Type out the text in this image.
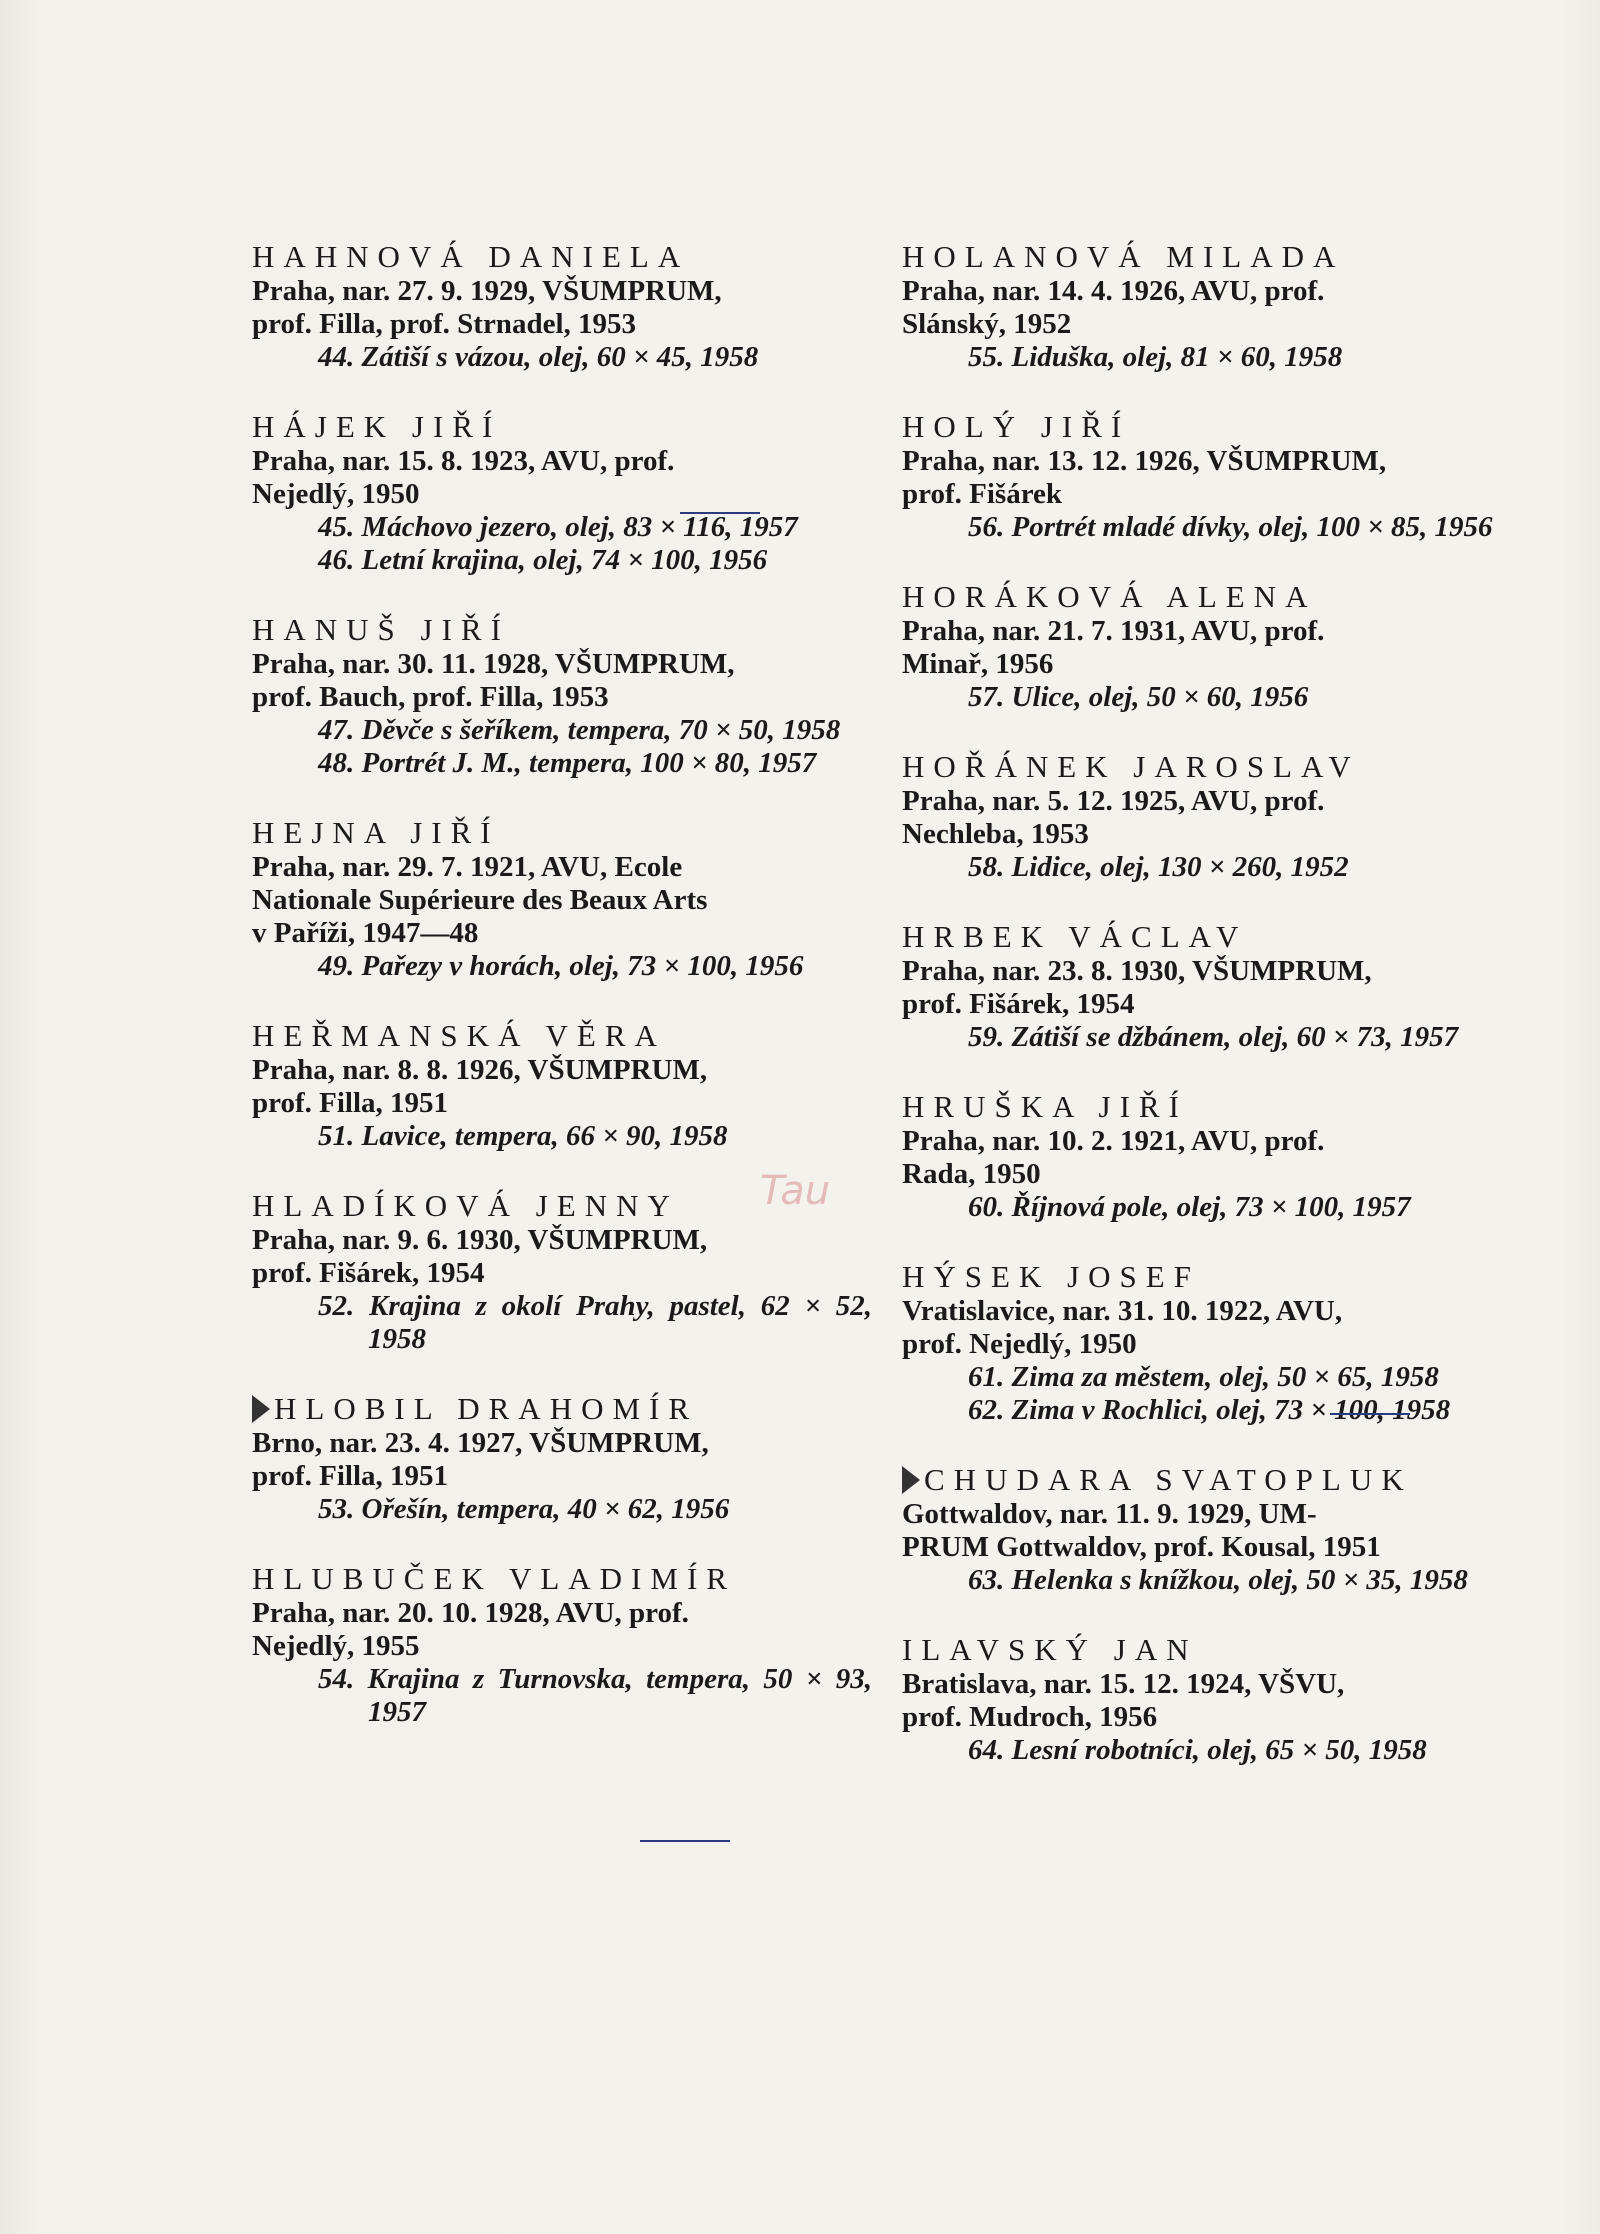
HAHNOVÁ DANIELA
Praha, nar. 27. 9. 1929, VŠUMPRUM,
prof. Filla, prof. Strnadel, 1953
44. Zátiší s vázou, olej, 60 × 45, 1958
HÁJEK JIŘÍ
Praha, nar. 15. 8. 1923, AVU, prof.
Nejedlý, 1950
45. Máchovo jezero, olej, 83 × 116, 1957
46. Letní krajina, olej, 74 × 100, 1956
HANUŠ JIŘÍ
Praha, nar. 30. 11. 1928, VŠUMPRUM,
prof. Bauch, prof. Filla, 1953
47. Děvče s šeříkem, tempera, 70 × 50, 1958
48. Portrét J. M., tempera, 100 × 80, 1957
HEJNA JIŘÍ
Praha, nar. 29. 7. 1921, AVU, Ecole
Nationale Supérieure des Beaux Arts
v Paříži, 1947—48
49. Pařezy v horách, olej, 73 × 100, 1956
HEŘMANSKÁ VĚRA
Praha, nar. 8. 8. 1926, VŠUMPRUM,
prof. Filla, 1951
51. Lavice, tempera, 66 × 90, 1958
HLADÍKOVÁ JENNY
Praha, nar. 9. 6. 1930, VŠUMPRUM,
prof. Fišárek, 1954
52. Krajina z okolí Prahy, pastel, 62 × 52, 1958
HLOBIL DRAHOMÍR
Brno, nar. 23. 4. 1927, VŠUMPRUM,
prof. Filla, 1951
53. Ořešín, tempera, 40 × 62, 1956
HLUBUČEK VLADIMÍR
Praha, nar. 20. 10. 1928, AVU, prof.
Nejedlý, 1955
54. Krajina z Turnovska, tempera, 50 × 93, 1957
HOLANOVÁ MILADA
Praha, nar. 14. 4. 1926, AVU, prof.
Slánský, 1952
55. Liduška, olej, 81 × 60, 1958
HOLÝ JIŘÍ
Praha, nar. 13. 12. 1926, VŠUMPRUM,
prof. Fišárek
56. Portrét mladé dívky, olej, 100 × 85, 1956
HORÁKOVÁ ALENA
Praha, nar. 21. 7. 1931, AVU, prof.
Minař, 1956
57. Ulice, olej, 50 × 60, 1956
HOŘÁNEK JAROSLAV
Praha, nar. 5. 12. 1925, AVU, prof.
Nechleba, 1953
58. Lidice, olej, 130 × 260, 1952
HRBEK VÁCLAV
Praha, nar. 23. 8. 1930, VŠUMPRUM,
prof. Fišárek, 1954
59. Zátiší se džbánem, olej, 60 × 73, 1957
HRUŠKA JIŘÍ
Praha, nar. 10. 2. 1921, AVU, prof.
Rada, 1950
60. Říjnová pole, olej, 73 × 100, 1957
HÝSEK JOSEF
Vratislavice, nar. 31. 10. 1922, AVU,
prof. Nejedlý, 1950
61. Zima za městem, olej, 50 × 65, 1958
62. Zima v Rochlici, olej, 73 × 100, 1958
CHUDARA SVATOPLUK
Gottwaldov, nar. 11. 9. 1929, UM-
PRUM Gottwaldov, prof. Kousal, 1951
63. Helenka s knížkou, olej, 50 × 35, 1958
ILAVSKÝ JAN
Bratislava, nar. 15. 12. 1924, VŠVU,
prof. Mudroch, 1956
64. Lesní robotníci, olej, 65 × 50, 1958
Tau
